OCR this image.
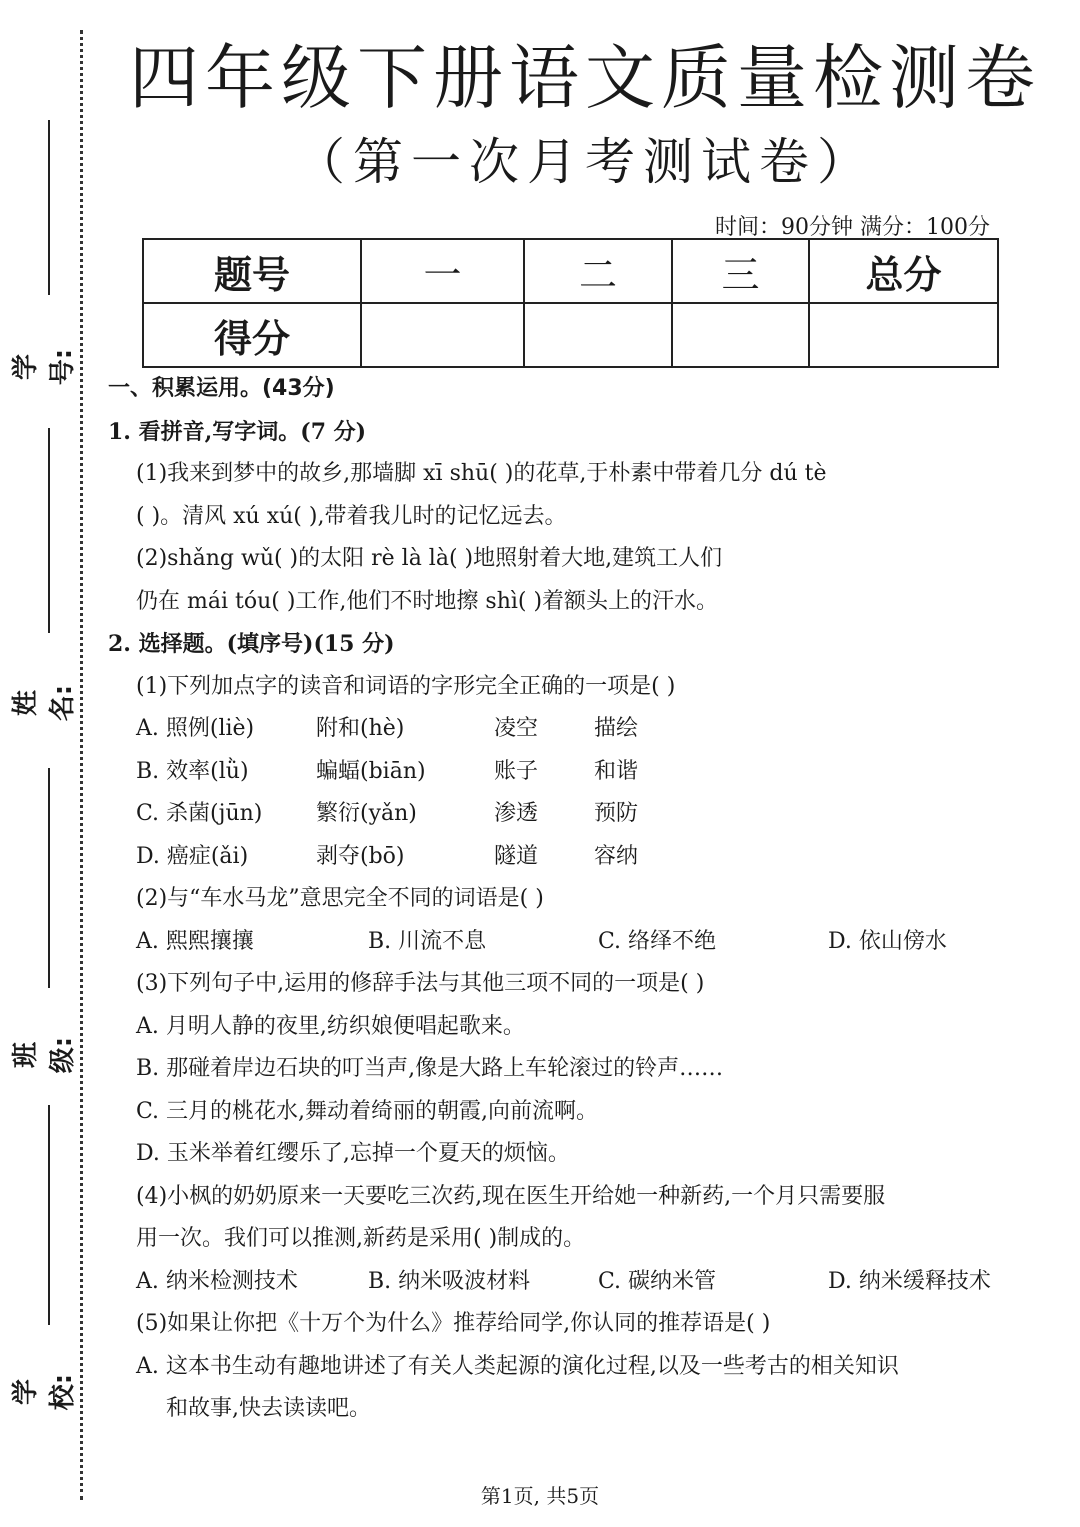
学号:
姓名:
班级:
学校:
四年级下册语文质量检测卷
（第一次月考测试卷）
时间：90分钟 满分：100分
题号	一	二	三	总分
得分				
一、积累运用。(43分)
1. 看拼音,写字词。(7 分)
(1)我来到梦中的故乡,那墙脚 xī shū( )的花草,于朴素中带着几分 dú tè
( )。清风 xú xú( ),带着我儿时的记忆远去。
(2)shǎng wǔ( )的太阳 rè là là( )地照射着大地,建筑工人们
仍在 mái tóu( )工作,他们不时地擦 shì( )着额头上的汗水。
2. 选择题。(填序号)(15 分)
(1)下列加点字的读音和词语的字形完全正确的一项是( )
A. 照例(liè)	附和(hè)	凌空	描绘
B. 效率(lǜ)	蝙蝠(biān)	账子	和谐
C. 杀菌(jūn)	繁衍(yǎn)	渗透	预防
D. 癌症(ǎi)	剥夺(bō)	隧道	容纳
(2)与“车水马龙”意思完全不同的词语是( )
A. 熙熙攘攘	B. 川流不息	C. 络绎不绝	D. 依山傍水
(3)下列句子中,运用的修辞手法与其他三项不同的一项是( )
A. 月明人静的夜里,纺织娘便唱起歌来。
B. 那碰着岸边石块的叮当声,像是大路上车轮滚过的铃声……
C. 三月的桃花水,舞动着绮丽的朝霞,向前流啊。
D. 玉米举着红缨乐了,忘掉一个夏天的烦恼。
(4)小枫的奶奶原来一天要吃三次药,现在医生开给她一种新药,一个月只需要服
用一次。我们可以推测,新药是采用( )制成的。
A. 纳米检测技术	B. 纳米吸波材料	C. 碳纳米管	D. 纳米缓释技术
(5)如果让你把《十万个为什么》推荐给同学,你认同的推荐语是( )
A. 这本书生动有趣地讲述了有关人类起源的演化过程,以及一些考古的相关知识
和故事,快去读读吧。
第1页, 共5页
